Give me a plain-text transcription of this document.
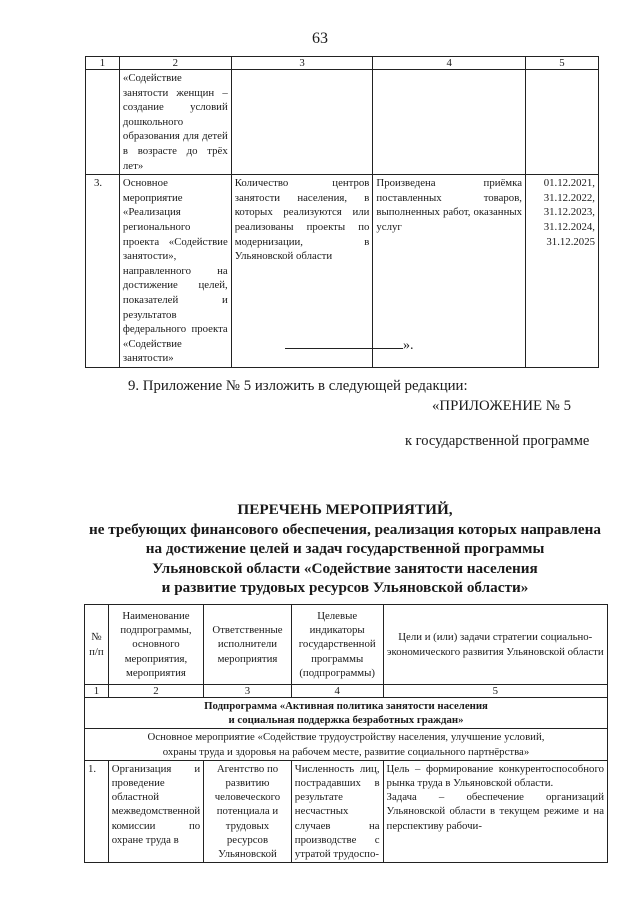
63
1	2	3	4	5
	«Содействие занятости женщин – создание условий дошкольного образования для детей в возрасте до трёх лет»			
3.	Основное мероприятие «Реализация регионального проекта «Содействие занятости», направленного на достижение целей, показателей и результатов федерального проекта «Содействие занятости»	Количество центров занятости населения, в которых реализуются или реализованы проекты по модернизации, в Ульяновской области	Произведена приёмка поставленных товаров, выполненных работ, оказанных услуг	01.12.2021,
31.12.2022,
31.12.2023,
31.12.2024,
31.12.2025
».
9. Приложение № 5 изложить в следующей редакции:
«ПРИЛОЖЕНИЕ № 5
к государственной программе
ПЕРЕЧЕНЬ МЕРОПРИЯТИЙ,
не требующих финансового обеспечения, реализация которых направлена
на достижение целей и задач государственной программы
Ульяновской области «Содействие занятости населения
и развитие трудовых ресурсов Ульяновской области»
№ п/п	Наименование подпрограммы, основного мероприятия, мероприятия	Ответственные исполнители мероприятия	Целевые индикаторы государственной программы (подпрограммы)	Цели и (или) задачи стратегии социально-экономического развития Ульяновской области
1	2	3	4	5

Подпрограмма «Активная политика занятости населения
и социальная поддержка безработных граждан»				

Основное мероприятие «Содействие трудоустройству населения, улучшение условий,
охраны труда и здоровья на рабочем месте, развитие социального партнёрства»				

1.	Организация и проведение областной межведомственной комиссии по охране труда в	Агентство по развитию человеческого потенциала и трудовых ресурсов Ульяновской	Численность лиц, пострадавших в результате несчастных случаев на производстве с утратой трудоспо-	Цель – формирование конкурентоспособного рынка труда в Ульяновской области.
Задача – обеспечение организаций Ульяновской области в текущем режиме и на перспективу рабочи-
